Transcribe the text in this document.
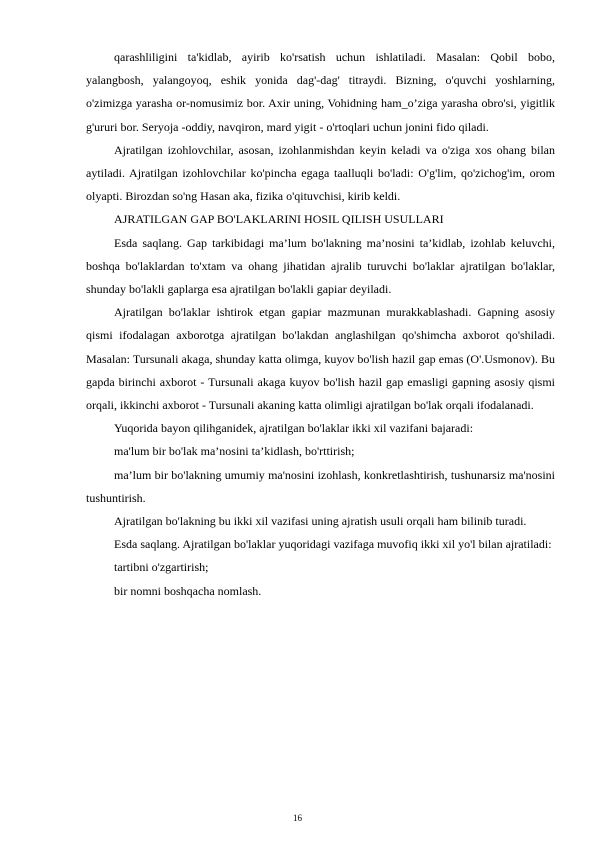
qarashliligini ta'kidlab, ayirib ko'rsatish uchun ishlatiladi. Masalan: Qobil bobo, yalangbosh, yalangoyoq, eshik yonida dag'-dag' titraydi. Bizning, o'quvchi yoshlarning, o'zimizga yarasha or-nomusimiz bor. Axir uning, Vohidning ham_o’ziga yarasha obro'si, yigitlik g'ururi bor. Seryoja -oddiy, navqiron, mard yigit - o'rtoqlari uchun jonini fido qiladi.

Ajratilgan izohlovchilar, asosan, izohlanmishdan keyin keladi va o'ziga xos ohang bilan aytiladi. Ajratilgan izohlovchilar ko'pincha egaga taalluqli bo'ladi: O'g'lim, qo'zichog'im, orom olyapti. Birozdan so'ng Hasan aka, fizika o'qituvchisi, kirib keldi.

AJRATILGAN GAP BO'LAKLARINI HOSIL QILISH USULLARI

Esda saqlang. Gap tarkibidagi ma’lum bo'lakning ma’nosini ta’kidlab, izohlab keluvchi, boshqa bo'laklardan to'xtam va ohang jihatidan ajralib turuvchi bo'laklar ajratilgan bo'laklar, shunday bo'lakli gaplarga esa ajratilgan bo'lakli gapiar deyiladi.

Ajratilgan bo'laklar ishtirok etgan gapiar mazmunan murakkablashadi. Gapning asosiy qismi ifodalagan axborotga ajratilgan bo'lakdan anglashilgan qo'shimcha axborot qo'shiladi. Masalan: Tursunali akaga, shunday katta olimga, kuyov bo'lish hazil gap emas (O'.Usmonov). Bu gapda birinchi axborot - Tursunali akaga kuyov bo'lish hazil gap emasligi gapning asosiy qismi orqali, ikkinchi axborot - Tursunali akaning katta olimligi ajratilgan bo'lak orqali ifodalanadi.

Yuqorida bayon qilihganidek, ajratilgan bo'laklar ikki xil vazifani bajaradi:

ma'lum bir bo'lak ma’nosini ta’kidlash, bo'rttirish;

ma’lum bir bo'lakning umumiy ma'nosini izohlash, konkretlashtirish, tushunarsiz ma'nosini tushuntirish.

Ajratilgan bo'lakning bu ikki xil vazifasi uning ajratish usuli orqali ham bilinib turadi.

Esda saqlang. Ajratilgan bo'laklar yuqoridagi vazifaga muvofiq ikki xil yo'l bilan ajratiladi:

tartibni o'zgartirish;

bir nomni boshqacha nomlash.

16
